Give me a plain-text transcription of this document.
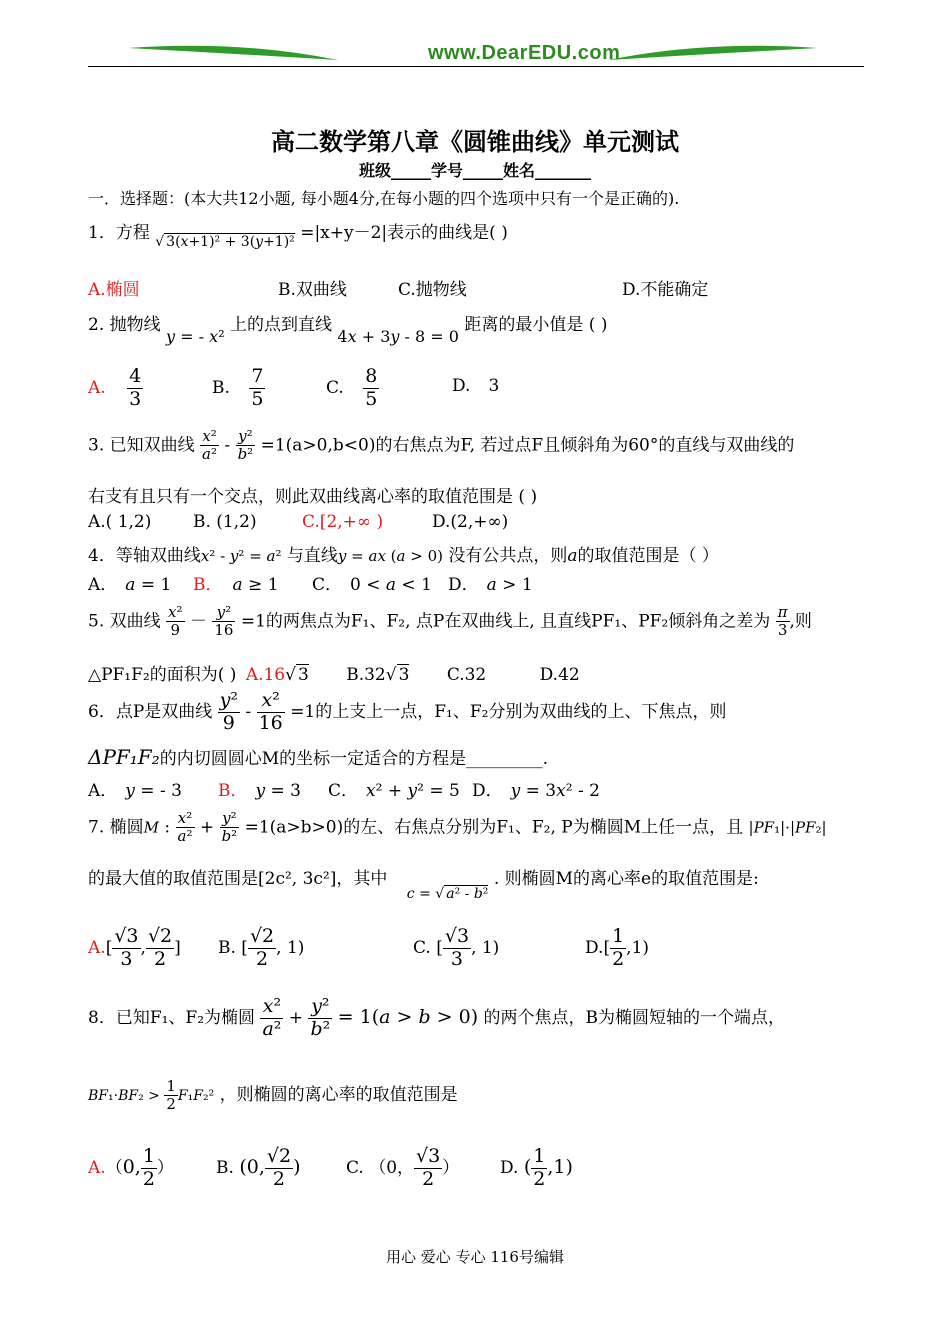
www.DearEDU.com
高二数学第八章《圆锥曲线》单元测试
班级_____学号_____姓名_______
一．选择题：(本大共12小题, 每小题4分,在每小题的四个选项中只有一个是正确的).
1．方程 √ 3(x+1)² + 3(y+1)² =|x+y－2|表示的曲线是( )
A.椭圆	B.双曲线	C.抛物线	D.不能确定
2. 抛物线 y = - x² 上的点到直线 4x + 3y - 8 = 0 距离的最小值是 ( )
A. $\frac{4}{3}$	B. $\frac{7}{5}$	C. $\frac{8}{5}$	D. 3
3. 已知双曲线 $\frac{\text{x²}}{\text{a²}} - \frac{\text{y²}}{\text{b²}} =1(a>0,b<0)$的右焦点为F, 若过点F且倾斜角为60°的直线与双曲线的
右支有且只有一个交点，则此双曲线离心率的取值范围是 ( )
A.( 1,2) B. (1,2)	C.[2,+∞ )	D.(2,+∞)
4．等轴双曲线x² - y² = a² 与直线y = ax (a > 0) 没有公共点，则a的取值范围是（ ）
A． a = 1 B． a ≥ 1 C． 0 < a < 1 D． a > 1
5. 双曲线 $\frac{\text{x²}}{9} - \frac{\text{y²}}{16} =1$的两焦点为F₁、F₂, 点P在双曲线上, 且直线PF₁、PF₂倾斜角之差为 $\frac{\pi}{3}$ ,则
△PF₁F₂的面积为( ) A.16√ 3 B.32√ 3 C.32	D.42
6．点P是双曲线 $\frac{\text{y²}}{9} - \frac{\text{x²}}{16} =1$的上支上一点，F₁、F₂分别为双曲线的上、下焦点，则
ΔPF₁F₂的内切圆圆心M的坐标一定适合的方程是_________.
A． y = - 3 B． y = 3 C． x² + y² = 5 D． y = 3x² - 2
7. 椭圆M : $\frac{\text{x²}}{\text{a²}} + \frac{\text{y²}}{\text{b²}} =1(a>b>0)$的左、右焦点分别为F₁、F₂, P为椭圆M上任一点，且 |PF₁|·|PF₂|
的最大值的取值范围是[2c², 3c²]，其中 $_{c = √ a^2 - b^2}$ . 则椭圆M的离心率e的取值范围是:
$A.[ \frac{√3}{3}$ , $\frac{√2}{2}$ ] B. [ $\frac{√2}{2}$ , 1)	C. [ $\frac{√3}{3}$ , 1)	$D.[ \frac{1}{2} ,1)$
8．已知F₁、F₂为椭圆 $\frac{\text{x²}}{\text{a²}} + \frac{\text{y²}}{\text{b²}} = 1(a > b > 0)$ 的两个焦点，B为椭圆短轴的一个端点，
$BF_1\cdot BF_2 > \frac{1}{2} F_1F_2^2$ ，则椭圆的离心率的取值范围是
A.（0, $\frac{1}{2}$ ） B. (0, $\frac{√2}{2}$ )	C. （0， $\frac{√3}{2}$ ） D. ( $\frac{1}{2} ,1$)
用心 爱心 专心 116号编辑
